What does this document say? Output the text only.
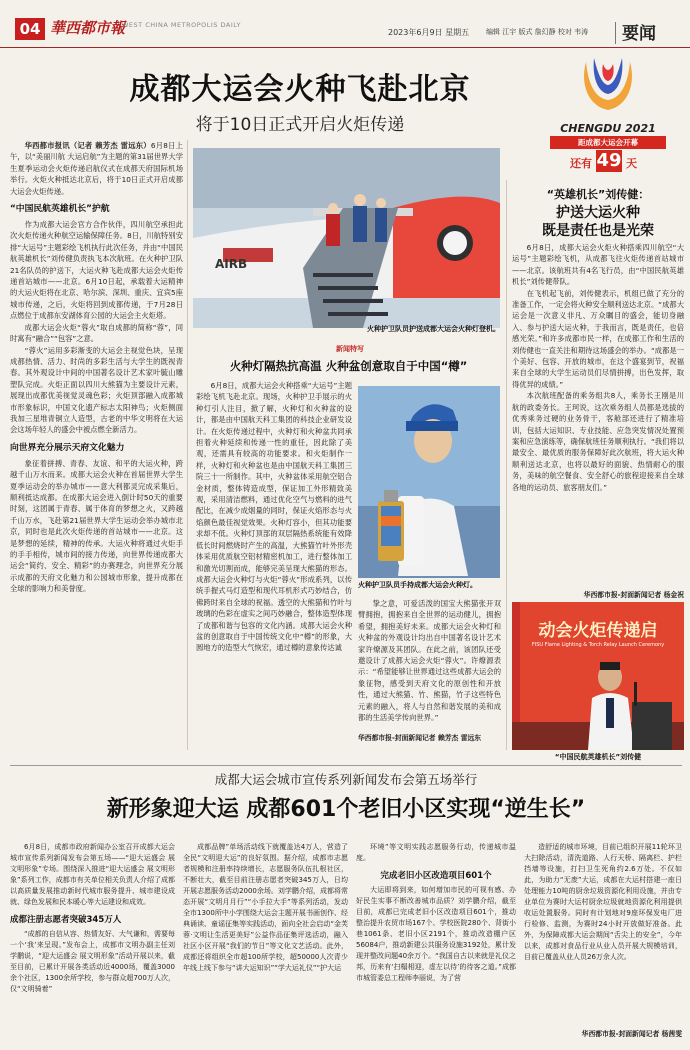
04 華西都市報
WEST CHINA METROPOLIS DAILY
2023年6月9日 星期五 编辑 江宇 版式 詹幻静 校对 韦涛	要闻
CHENGDU 2021
距成都大运会开幕
还有 49 天
成都大运会火种飞赴北京
将于10日正式开启火炬传递

华西都市报讯（记者 赖芳杰 雷远东）6月8日上午，以“美丽川航 大运启航”为主题的第31届世界大学生夏季运动会火炬传递启航仪式在成都天府国际机场举行。火炬火种抵达北京后，将于10日正式开启成都大运会火炬传递。

“中国民航英雄机长”护航

作为成都大运会官方合作伙伴，四川航空承担此次火炬传递火种航空运输保障任务。8日，川航特别安排“大运号”主题彩绘飞机执行此次任务，并由“中国民航英雄机长”刘传健负责执飞本次航班。在火种护卫队21名队员的护送下，大运火种飞赴成都大运会火炬传递首站城市——北京。6月10日起，承载着大运精神的大运火炬将在北京、哈尔滨、深圳、重庆、宜宾5座城市传递，之后，火炬将回到成都传递，于7月28日点燃位于成都东安湖体育公园的大运会主火炬塔。

成都大运会火炬“蓉火”取自成都的简称“蓉”，同时寓有“融合”“包容”之意。

“蓉火”运用多彩渐变的大运会主视觉色块，呈现成都热情、活力、时尚的多彩生活与大学生的既视青春。其外观设计中间的中国著名设计艺术家叶毓山雕塑队完成。火炬正面以四川大熊猫为主要设计元素，展现出成都优美视觉灵魂色彩；火炬顶部融入成都城市形象标识，中国文化遗产标志太阳神鸟；火炬侧面我加三星堆青铜立人造型，古老的中华文明将在大运会这场年轻人的盛会中被点燃全新活力。

向世界充分展示天府文化魅力

象征着拼搏、青春、友谊、和平的大运火种，跨越千山万水而来。成都大运会火种在首届世界大学生夏季运动会的举办城市——意大利都灵完成采集后，顺利抵达成都。在成都大运会进入倒计时50天的重要时刻，这团属于青春、属于体育的梦想之火，又跨越千山万水，飞赴第21届世界大学生运动会举办城市北京，同时也是此次火炬传递的首站城市——北京。这是梦想的延续，精神的传承。大运火种将通过火炬手的手手相传，城市间的接力传递，向世界传递成都大运会“简约、安全、精彩”的办赛理念，向世界充分展示成都的天府文化魅力和公园城市形象，提升成都在全球的影响力和美誉度。

AIRB
火种护卫队员护送成都大运会火种灯登机。
新闻特写
火种灯隔热抗高温 火种盆创意取自于中国“樽”

6月8日，成都大运会火种搭乘“大运号”主题彩绘飞机飞赴北京。现场，火种护卫手展示的火种灯引人注目，掀了解，火种灯和火种盆的设计，都是由中国航天科工集团的科技企业研发设计。在火炬传递过程中，火种灯和火种盆共同承担着火种延续和传递一性的重任，因此除了美观，还需具有较高的功能要求。和火炬制作一样，火种灯和火种盆也是由中国航天科工集团三院三十一所制作。其中，火种盆体采用航空铝合金材质，整体铸造成型，保证加工外形精致美观，采用清洁燃料，通过优化空气与燃料的进气配比，在减少成烟量的同时，保证火焰形态与火焰颜色最佳视觉效果。火种灯容小，但其功能要求却不低。火种灯顶部的双层隔热系统能有效降低长时间燃烧时产生的高温，大熊猫竹叶外形壳体采用优质航空铝材精密机加工，进行整体加工和激光切割而成，能够完美呈现大熊猫的形态。成都大运会火种灯与火炬“蓉火”形成系列，以传统手握式马灯造型和现代耳机形式巧妙结合，仿佛跨时来自全球的祝福。透空的大熊猫和竹叶与玻璃的色彩在虚实之间巧妙融合，整体造型体现了成都和谐与包容的文化内涵。成都大运会火种盆的创意取自于中国传统文化中“樽”的形象，大圆地方的造型大气恢宏，通过樽的意象传达诚

火种护卫队员手持成都大运会火种灯。

挚之意，可爱活泼的国宝大熊猫张开双臂拥抱，拥抱来自全世界的运动健儿，拥抱希望，拥抱美好未来。成都大运会火种灯和火种盆的外观设计均出自中国著名设计艺术家许燎源及其团队。在此之前，该团队还受邀设计了成都大运会火炬“蓉火”。许燎源表示：“希望能够让世界通过这些成都大运会的象征物，感受到天府文化的原创性和开放性，通过大熊猫、竹、熊猫，竹子这些特色元素的融入，将人与自然和谐发展的美和成都的生活美学传向世界。”

华西都市报-封面新闻记者 赖芳杰 雷远东
“英雄机长”刘传健：
护送大运火种
既是责任也是光荣

6月8日，成都大运会火炬火种搭乘四川航空“大运号”主题彩绘飞机，从成都飞往火炬传递首站城市——北京。该航班共有4名飞行员，由“中国民航英雄机长”刘传健带队。

在飞机起飞前，刘传健表示，机组已做了充分的准备工作，一定会将火种安全顺利送达北京。“成都大运会是一次意义非凡、万众瞩目的盛会，能切身融入、参与护送大运火种，于我而言，既是责任，也倍感光荣。”和许多成都市民一样，在成都工作和生活的刘传健也一直关注和期待这场盛会的举办。“成都是一个美好、包容、开放的城市，在这个盛宴到节，祝福来自全球的大学生运动员们尽情拼搏，出色发挥，取得优异的成绩。”

本次航班配备的乘务组共8人，乘务长王刚是川航的政委务长。王珂说，这次乘务组人员都是选拔的优秀乘务过硬的业务骨干，客舱部还进行了精准培训，包括大运知识、专业技能、应急突发情况处置预案和应急演练等，确保航班任务顺利执行。“我们将以最安全、最优质的服务保障好此次航班，将大运火种顺利送达北京，也将以最好的面貌、热情耐心的服务，美味的航空餐食、安全舒心的旅程迎接来自全球各地的运动员、旅客朋友们。”

华西都市报-封面新闻记者 杨金祝
动会火炬传递启
FISU Flame Lighting & Torch Relay Launch Ceremony
“中国民航英雄机长”刘传健
成都大运会城市宣传系列新闻发布会第五场举行
新形象迎大运 成都601个老旧小区实现“逆生长”

6月8日，成都市政府新闻办公室召开成都大运会城市宣传系列新闻发布会第五场——“迎大运盛会 展文明形象”专场。围绕深入推进“迎大运盛会 展文明形象”系列工作，成都市有关单位相关负责人介绍了成都以高质量发展推动新时代城市服务提升、城市建设成就、绿色发展和民本暖心等大运建设和成效。

成都注册志愿者突破345万人

“成都的自信从容、热情友好、大气谦和，需要每一个‘我’来呈现。”发布会上，成都市文明办副主任刘学鹏说，“迎大运盛会 展文明形象”活动开展以来，截至目前，已累计开展各类活动近4000场，覆盖3000余个社区，1300余所学校，参与群众超700万人次，仅“文明骑着”

成都品牌”单场活动线下就覆盖达4万人，营造了全民“文明迎大运”的良好氛围。据介绍，成都市志愿者规模和注册率持续增长，志愿服务队伍扎根社区，不断壮大，截至目前注册志愿者突破345万人，日均开展志愿服务活动2000余场。刘学鹏介绍，成都将常态开展“文明月月行”“小手拉大手”等系列活动，发动全市1300所中小学围绕大运会主题开展书画创作、经典诵读、童谣征集等实践活动，面向全社会启动“金芙蓉·文明让生活更美好”公益作品征集评选活动，融入社区小区开展“我们的节日”等文化文艺活动。此外，成都还将组织全市超100所学校，超50000人次青少年线上线下参与“讲大运知识”“学大运礼仪”“护大运

环境”等文明实践志愿服务行动，传递城市温度。

完成老旧小区改造项目601个

大运即将到来，如何增加市民的可视有感、办好民生实事不断改善城市品质？刘学鹏介绍，截至目前，成都已完成老旧小区改造项目601个，推动整治提升农贸市场167个、学校医院280个、背街小巷1061条、老旧小区2191个，推动改造棚户区56084户，推动新建公共服务设施3192处，累计发现并整改问题40余万个。“我国自古以来就是礼仪之邦，历来有‘扫榻相迎，虚左以待’的待客之道。”成都市城管委总工程师李丽说，为了营

造舒适的城市环境，目前已组织开展11轮环卫大扫除活动，清洗道路、人行天桥、隔离栏、护栏挡墙等设施，打扫卫生死角约2.6万处。不仅如此，为助力“无废”大运，成都在大运村搭建一座日处理能力10吨的厨余垃圾资源化利用设施，并由专业单位为赛时大运村厨余垃圾就地资源化利用提供收运处置服务。同时有计划地对9座环保发电厂进行检修、监测，为赛时24小时开放做好准备。此外，为保障成都大运会期间“舌尖上的安全”，今年以来，成都对食品行业从业人员开展大规模培训，目前已覆盖从业人员26万余人次。

华西都市报-封面新闻记者 杨茜雯
